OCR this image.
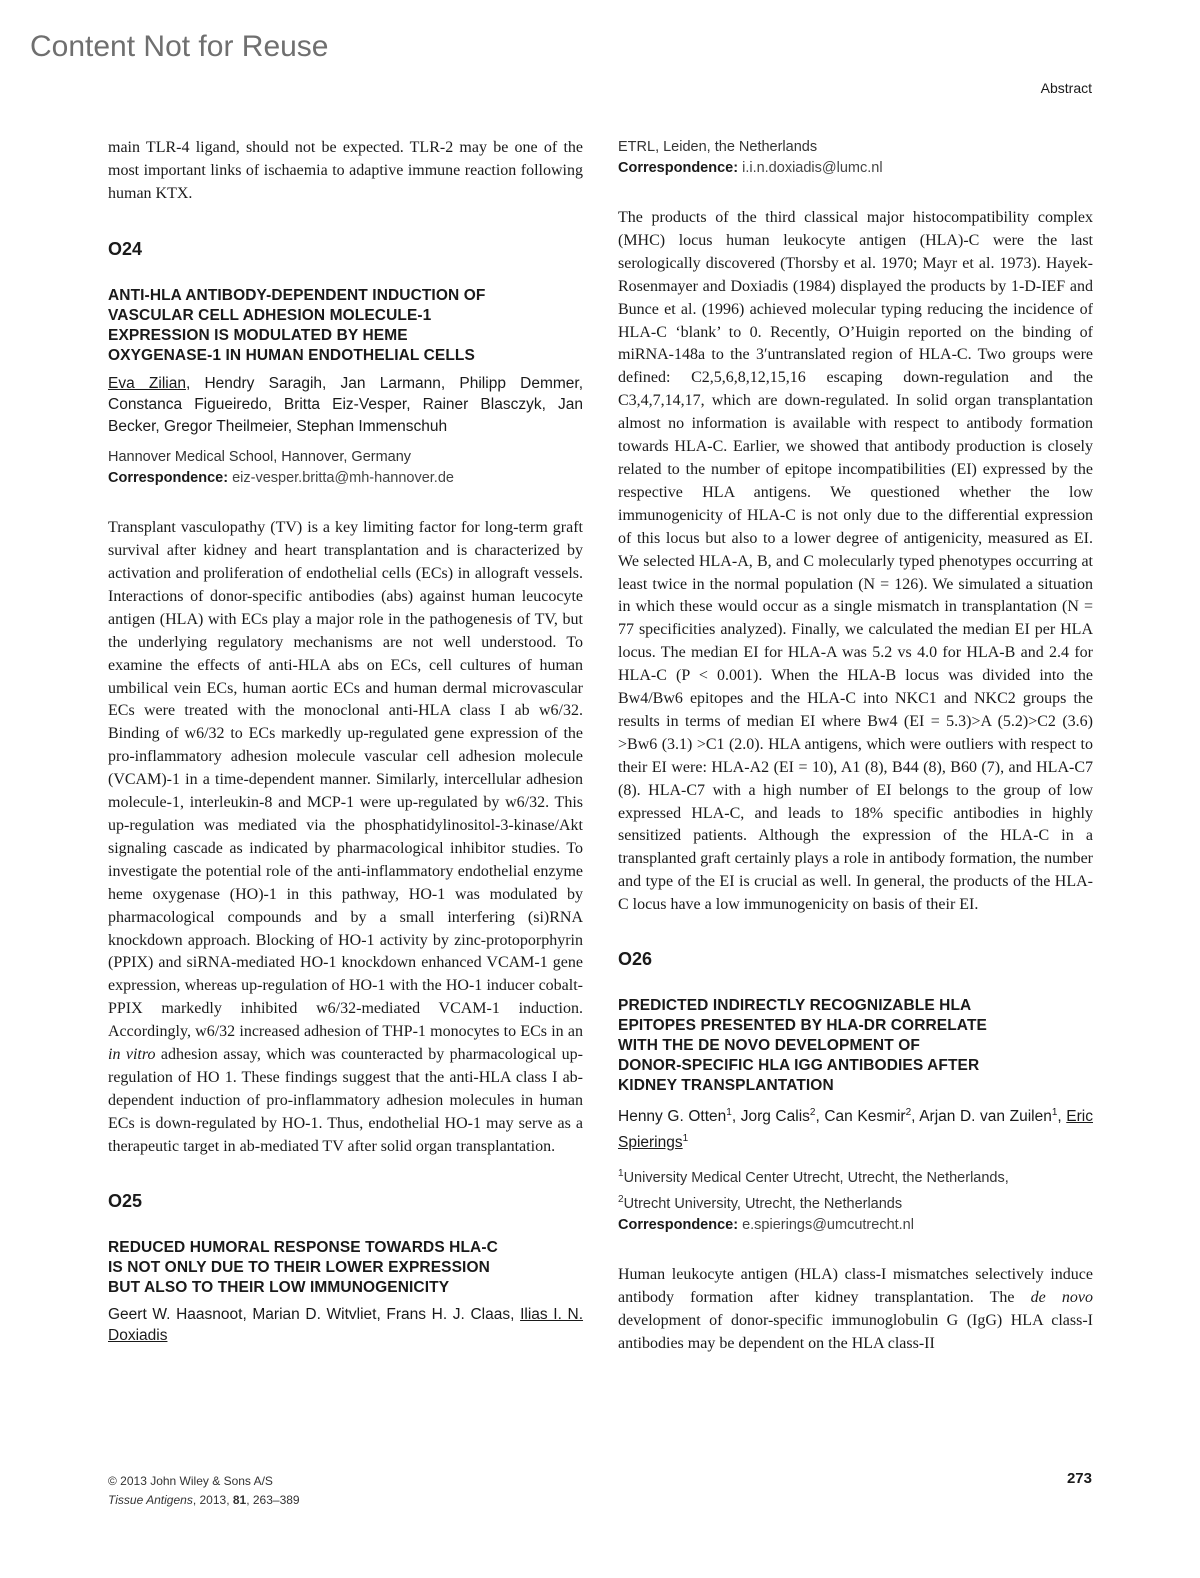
Content Not for Reuse
Abstract

main TLR-4 ligand, should not be expected. TLR-2 may be one of the most important links of ischaemia to adaptive immune reaction following human KTX.

O24

ANTI-HLA ANTIBODY-DEPENDENT INDUCTION OF

VASCULAR CELL ADHESION MOLECULE-1

EXPRESSION IS MODULATED BY HEME

OXYGENASE-1 IN HUMAN ENDOTHELIAL CELLS

Eva Zilian, Hendry Saragih, Jan Larmann, Philipp Demmer, Constanca Figueiredo, Britta Eiz-Vesper, Rainer Blasczyk, Jan Becker, Gregor Theilmeier, Stephan Immenschuh

Hannover Medical School, Hannover, Germany

Correspondence: eiz-vesper.britta@mh-hannover.de

Transplant vasculopathy (TV) is a key limiting factor for long-term graft survival after kidney and heart transplantation and is characterized by activation and proliferation of endothelial cells (ECs) in allograft vessels. Interactions of donor-specific antibodies (abs) against human leucocyte antigen (HLA) with ECs play a major role in the pathogenesis of TV, but the underlying regulatory mechanisms are not well understood. To examine the effects of anti-HLA abs on ECs, cell cultures of human umbilical vein ECs, human aortic ECs and human dermal microvascular ECs were treated with the monoclonal anti-HLA class I ab w6/32. Binding of w6/32 to ECs markedly up-regulated gene expression of the pro-inflammatory adhesion molecule vascular cell adhesion molecule (VCAM)-1 in a time-dependent manner. Similarly, intercellular adhesion molecule-1, interleukin-8 and MCP-1 were up-regulated by w6/32. This up-regulation was mediated via the phosphatidylinositol-3-kinase/Akt signaling cascade as indicated by pharmacological inhibitor studies. To investigate the potential role of the anti-inflammatory endothelial enzyme heme oxygenase (HO)-1 in this pathway, HO-1 was modulated by pharmacological compounds and by a small interfering (si)RNA knockdown approach. Blocking of HO-1 activity by zinc-protoporphyrin (PPIX) and siRNA-mediated HO-1 knockdown enhanced VCAM-1 gene expression, whereas up-regulation of HO-1 with the HO-1 inducer cobalt-PPIX markedly inhibited w6/32-mediated VCAM-1 induction. Accordingly, w6/32 increased adhesion of THP-1 monocytes to ECs in an in vitro adhesion assay, which was counteracted by pharmacological up-regulation of HO 1. These findings suggest that the anti-HLA class I ab-dependent induction of pro-inflammatory adhesion molecules in human ECs is down-regulated by HO-1. Thus, endothelial HO-1 may serve as a therapeutic target in ab-mediated TV after solid organ transplantation.

O25

REDUCED HUMORAL RESPONSE TOWARDS HLA-C

IS NOT ONLY DUE TO THEIR LOWER EXPRESSION

BUT ALSO TO THEIR LOW IMMUNOGENICITY

Geert W. Haasnoot, Marian D. Witvliet, Frans H. J. Claas, Ilias I. N. Doxiadis

ETRL, Leiden, the Netherlands

Correspondence: i.i.n.doxiadis@lumc.nl

The products of the third classical major histocompatibility complex (MHC) locus human leukocyte antigen (HLA)-C were the last serologically discovered (Thorsby et al. 1970; Mayr et al. 1973). Hayek-Rosenmayer and Doxiadis (1984) displayed the products by 1-D-IEF and Bunce et al. (1996) achieved molecular typing reducing the incidence of HLA-C ‘blank’ to 0. Recently, O’Huigin reported on the binding of miRNA-148a to the 3′untranslated region of HLA-C. Two groups were defined: C2,5,6,8,12,15,16 escaping down-regulation and the C3,4,7,14,17, which are down-regulated. In solid organ transplantation almost no information is available with respect to antibody formation towards HLA-C. Earlier, we showed that antibody production is closely related to the number of epitope incompatibilities (EI) expressed by the respective HLA antigens. We questioned whether the low immunogenicity of HLA-C is not only due to the differential expression of this locus but also to a lower degree of antigenicity, measured as EI. We selected HLA-A, B, and C molecularly typed phenotypes occurring at least twice in the normal population (N = 126). We simulated a situation in which these would occur as a single mismatch in transplantation (N = 77 specificities analyzed). Finally, we calculated the median EI per HLA locus. The median EI for HLA-A was 5.2 vs 4.0 for HLA-B and 2.4 for HLA-C (P < 0.001). When the HLA-B locus was divided into the Bw4/Bw6 epitopes and the HLA-C into NKC1 and NKC2 groups the results in terms of median EI where Bw4 (EI = 5.3)>A (5.2)>C2 (3.6) >Bw6 (3.1) >C1 (2.0). HLA antigens, which were outliers with respect to their EI were: HLA-A2 (EI = 10), A1 (8), B44 (8), B60 (7), and HLA-C7 (8). HLA-C7 with a high number of EI belongs to the group of low expressed HLA-C, and leads to 18% specific antibodies in highly sensitized patients. Although the expression of the HLA-C in a transplanted graft certainly plays a role in antibody formation, the number and type of the EI is crucial as well. In general, the products of the HLA-C locus have a low immunogenicity on basis of their EI.

O26

PREDICTED INDIRECTLY RECOGNIZABLE HLA

EPITOPES PRESENTED BY HLA-DR CORRELATE

WITH THE DE NOVO DEVELOPMENT OF

DONOR-SPECIFIC HLA IGG ANTIBODIES AFTER

KIDNEY TRANSPLANTATION

Henny G. Otten$^1$, Jorg Calis$^2$, Can Kesmir$^2$, Arjan D. van Zuilen$^1$, Eric Spierings$^1$

$^1$University Medical Center Utrecht, Utrecht, the Netherlands,

$^2$Utrecht University, Utrecht, the Netherlands

Correspondence: e.spierings@umcutrecht.nl

Human leukocyte antigen (HLA) class-I mismatches selectively induce antibody formation after kidney transplantation. The de novo development of donor-specific immunoglobulin G (IgG) HLA class-I antibodies may be dependent on the HLA class-II

© 2013 John Wiley & Sons A/S
Tissue Antigens, 2013, 81, 263–389
273
